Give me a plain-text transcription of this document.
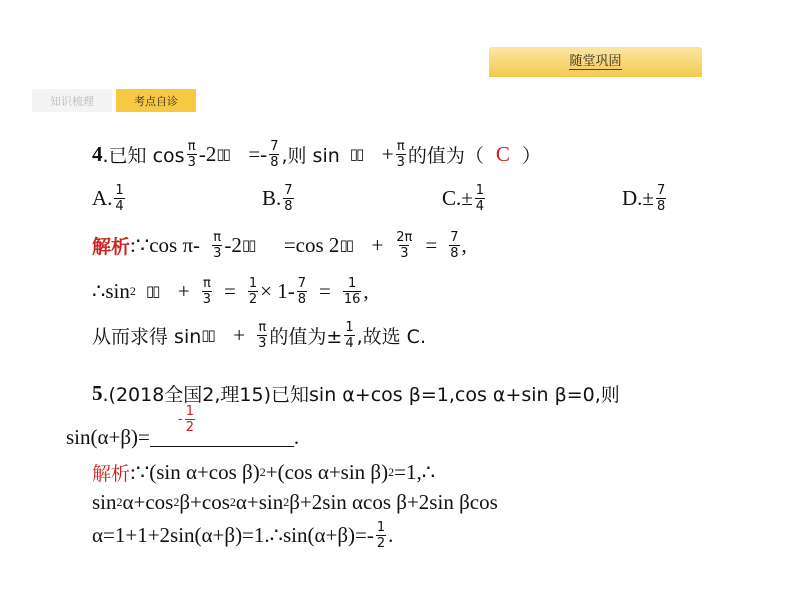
随堂巩固
知识梳理	考点自诊
4 .已知 $\cos \frac{\pi}{3} -2$ ▯▯ =- $\frac{7}{8}$ ,则 sin ▯▯ + $\frac{\pi}{3}$ 的值为（ C ）
A. $\frac{1}{4}$	B. $\frac{7}{8}$	$C.\pm \frac{1}{4}$	$D.\pm \frac{7}{8}$
解析 :∵cos $\pi- \frac{\pi}{3} -2$ ▯▯	=cos 2 ▯▯ + $\frac{2\pi}{3} = \frac{7}{8}$ ,
∴sin 2 ▯▯ + $\frac{\pi}{3} = \frac{1}{2} \times 1- \frac{7}{8} = \frac{1}{16}$ ,
从而求得 sin ▯▯ + $\frac{\pi}{3}$ 的值为± $\frac{1}{4}$ ,故选 C.
5 .(2018全国2,理15)已知sin α+cos β=1,cos α+sin β=0,则
- $\frac{1}{2}$
sin(α+β)=	.
解析 :∵(sin α+cos β) 2 +(cos α+sin β) 2 =1,∴
sin 2 α+cos 2 β+cos 2 α+sin 2 β+2sin αcos β+2sin βcos
α=1+1+2sin(α+β)=1.∴sin(α+β)=- $\frac{1}{2}$ .
